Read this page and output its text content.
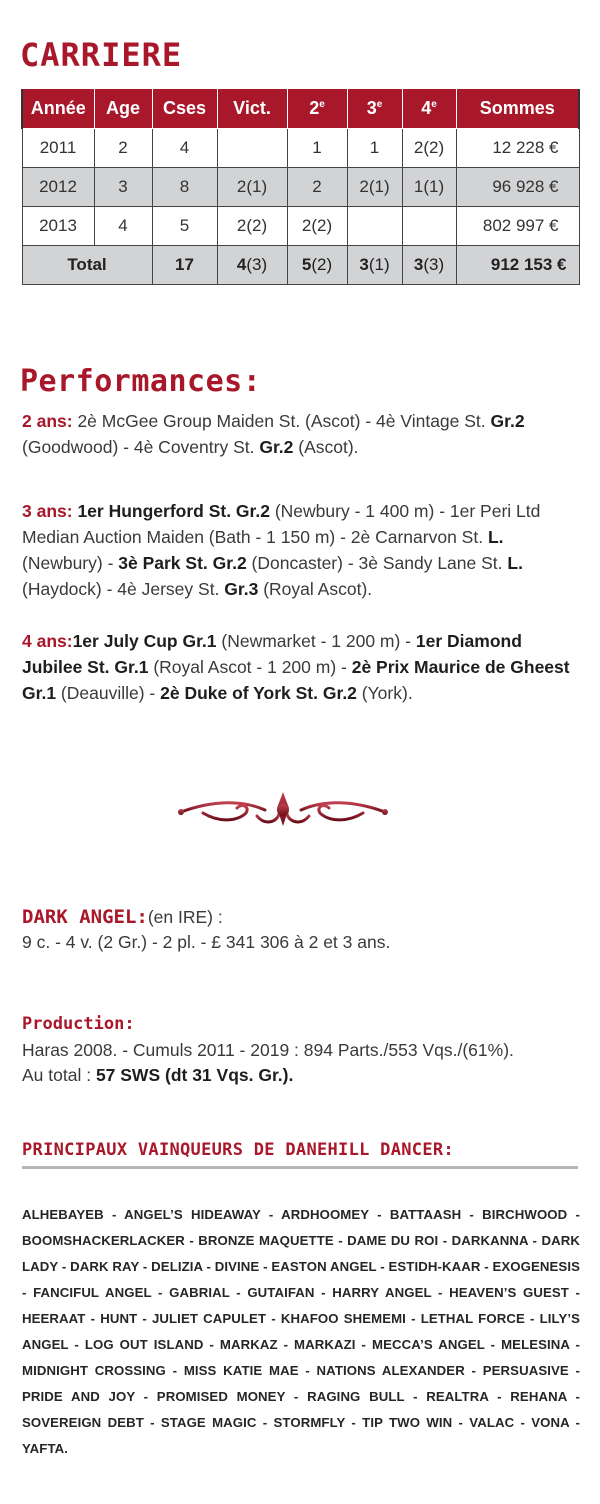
CARRIERE
Année	Age	Cses	Vict.	2e	3e	4e	Sommes
2011	2	4		1	1	2(2)	12 228 €
2012	3	8	2(1)	2	2(1)	1(1)	96 928 €
2013	4	5	2(2)	2(2)			802 997 €
Total		17	4(3)	5(2)	3(1)	3(3)	912 153 €
Performances:

2 ans: 2è McGee Group Maiden St. (Ascot) - 4è Vintage St. Gr.2 (Goodwood) - 4è Coventry St. Gr.2 (Ascot).

3 ans: 1er Hungerford St. Gr.2 (Newbury - 1 400 m) - 1er Peri Ltd Median Auction Maiden (Bath - 1 150 m) - 2è Carnarvon St. L. (Newbury) - 3è Park St. Gr.2 (Doncaster) - 3è Sandy Lane St. L. (Haydock) - 4è Jersey St. Gr.3 (Royal Ascot).

4 ans:1er July Cup Gr.1 (Newmarket - 1 200 m) - 1er Diamond Jubilee St. Gr.1 (Royal Ascot - 1 200 m) - 2è Prix Maurice de Gheest Gr.1 (Deauville) - 2è Duke of York St. Gr.2 (York).

DARK ANGEL:(en IRE) :
9 c. - 4 v. (2 Gr.) - 2 pl. - £ 341 306 à 2 et 3 ans.
Production:
Haras 2008. - Cumuls 2011 - 2019 : 894 Parts./553 Vqs./(61%).
Au total : 57 SWS (dt 31 Vqs. Gr.).
PRINCIPAUX VAINQUEURS DE DANEHILL DANCER:
ALHEBAYEB - ANGEL’S HIDEAWAY - ARDHOOMEY - BATTAASH - BIRCHWOOD - BOOMSHACKERLACKER - BRONZE MAQUETTE - DAME DU ROI - DARKANNA - DARK LADY - DARK RAY - DELIZIA - DIVINE - EASTON ANGEL - ESTIDH-KAAR - EXOGENESIS - FANCIFUL ANGEL - GABRIAL - GUTAIFAN - HARRY ANGEL - HEAVEN’S GUEST - HEERAAT - HUNT - JULIET CAPULET - KHAFOO SHEMEMI - LETHAL FORCE - LILY’S ANGEL - LOG OUT ISLAND - MARKAZ - MARKAZI - MECCA’S ANGEL - MELESINA - MIDNIGHT CROSSING - MISS KATIE MAE - NATIONS ALEXANDER - PERSUASIVE - PRIDE AND JOY - PROMISED MONEY - RAGING BULL - REALTRA - REHANA - SOVEREIGN DEBT - STAGE MAGIC - STORMFLY - TIP TWO WIN - VALAC - VONA - YAFTA.
